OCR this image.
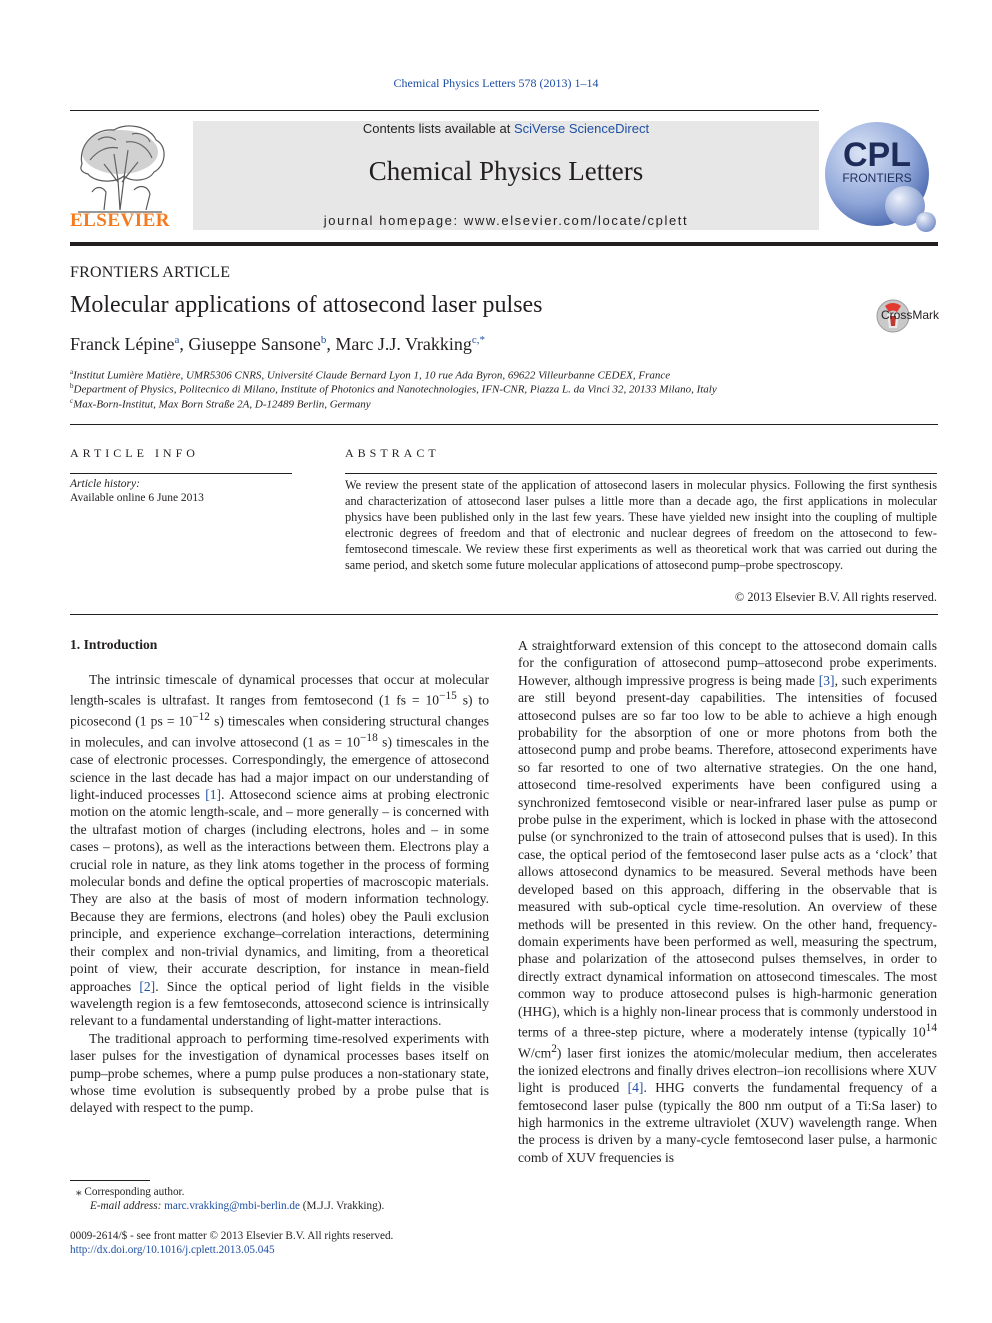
Chemical Physics Letters 578 (2013) 1–14
ELSEVIER
Contents lists available at SciVerse ScienceDirect
Chemical Physics Letters
journal homepage: www.elsevier.com/locate/cplett
CPL
FRONTIERS
FRONTIERS ARTICLE
Molecular applications of attosecond laser pulses	CrossMark
Franck Lépine$^a$, Giuseppe Sansone$^b$, Marc J.J. Vrakking$^{c,*}$
$^a$Institut Lumière Matière, UMR5306 CNRS, Université Claude Bernard Lyon 1, 10 rue Ada Byron, 69622 Villeurbanne CEDEX, France
$^b$Department of Physics, Politecnico di Milano, Institute of Photonics and Nanotechnologies, IFN-CNR, Piazza L. da Vinci 32, 20133 Milano, Italy
$^c$Max-Born-Institut, Max Born Straße 2A, D-12489 Berlin, Germany
ARTICLE INFO
Article history:
Available online 6 June 2013
ABSTRACT
We review the present state of the application of attosecond lasers in molecular physics. Following the first synthesis and characterization of attosecond laser pulses a little more than a decade ago, the first applications in molecular physics have been published only in the last few years. These have yielded new insight into the coupling of multiple electronic degrees of freedom and that of electronic and nuclear degrees of freedom on the attosecond to few-femtosecond timescale. We review these first experiments as well as theoretical work that was carried out during the same period, and sketch some future molecular applications of attosecond pump–probe spectroscopy.
© 2013 Elsevier B.V. All rights reserved.
1. Introduction

The intrinsic timescale of dynamical processes that occur at molecular length-scales is ultrafast. It ranges from femtosecond (1 fs = $10^{-15}$ s) to picosecond (1 ps = $10^{-12}$ s) timescales when considering structural changes in molecules, and can involve attosecond (1 as = $10^{-18}$ s) timescales in the case of electronic processes. Correspondingly, the emergence of attosecond science in the last decade has had a major impact on our understanding of light-induced processes [1]. Attosecond science aims at probing electronic motion on the atomic length-scale, and – more generally – is concerned with the ultrafast motion of charges (including electrons, holes and – in some cases – protons), as well as the interactions between them. Electrons play a crucial role in nature, as they link atoms together in the process of forming molecular bonds and define the optical properties of macroscopic materials. They are also at the basis of most of modern information technology. Because they are fermions, electrons (and holes) obey the Pauli exclusion principle, and experience exchange–correlation interactions, determining their complex and non-trivial dynamics, and limiting, from a theoretical point of view, their accurate description, for instance in mean-field approaches [2]. Since the optical period of light fields in the visible wavelength region is a few femtoseconds, attosecond science is intrinsically relevant to a fundamental understanding of light-matter interactions.

The traditional approach to performing time-resolved experiments with laser pulses for the investigation of dynamical processes bases itself on pump–probe schemes, where a pump pulse produces a non-stationary state, whose time evolution is subsequently probed by a probe pulse that is delayed with respect to the pump.

A straightforward extension of this concept to the attosecond domain calls for the configuration of attosecond pump–attosecond probe experiments. However, although impressive progress is being made [3], such experiments are still beyond present-day capabilities. The intensities of focused attosecond pulses are so far too low to be able to achieve a high enough probability for the absorption of one or more photons from both the attosecond pump and probe beams. Therefore, attosecond experiments have so far resorted to one of two alternative strategies. On the one hand, attosecond time-resolved experiments have been configured using a synchronized femtosecond visible or near-infrared laser pulse as pump or probe pulse in the experiment, which is locked in phase with the attosecond pulse (or synchronized to the train of attosecond pulses that is used). In this case, the optical period of the femtosecond laser pulse acts as a ‘clock’ that allows attosecond dynamics to be measured. Several methods have been developed based on this approach, differing in the observable that is measured with sub-optical cycle time-resolution. An overview of these methods will be presented in this review. On the other hand, frequency-domain experiments have been performed as well, measuring the spectrum, phase and polarization of the attosecond pulses themselves, in order to directly extract dynamical information on attosecond timescales. The most common way to produce attosecond pulses is high-harmonic generation (HHG), which is a highly non-linear process that is commonly understood in terms of a three-step picture, where a moderately intense (typically $10^{14}$ $W/cm^2$) laser first ionizes the atomic/molecular medium, then accelerates the ionized electrons and finally drives electron–ion recollisions where XUV light is produced [4]. HHG converts the fundamental frequency of a femtosecond laser pulse (typically the 800 nm output of a Ti:Sa laser) to high harmonics in the extreme ultraviolet (XUV) wavelength range. When the process is driven by a many-cycle femtosecond laser pulse, a harmonic comb of XUV frequencies is

⁎ Corresponding author.
E-mail address: marc.vrakking@mbi-berlin.de (M.J.J. Vrakking).
0009-2614/$ - see front matter © 2013 Elsevier B.V. All rights reserved.
http://dx.doi.org/10.1016/j.cplett.2013.05.045
